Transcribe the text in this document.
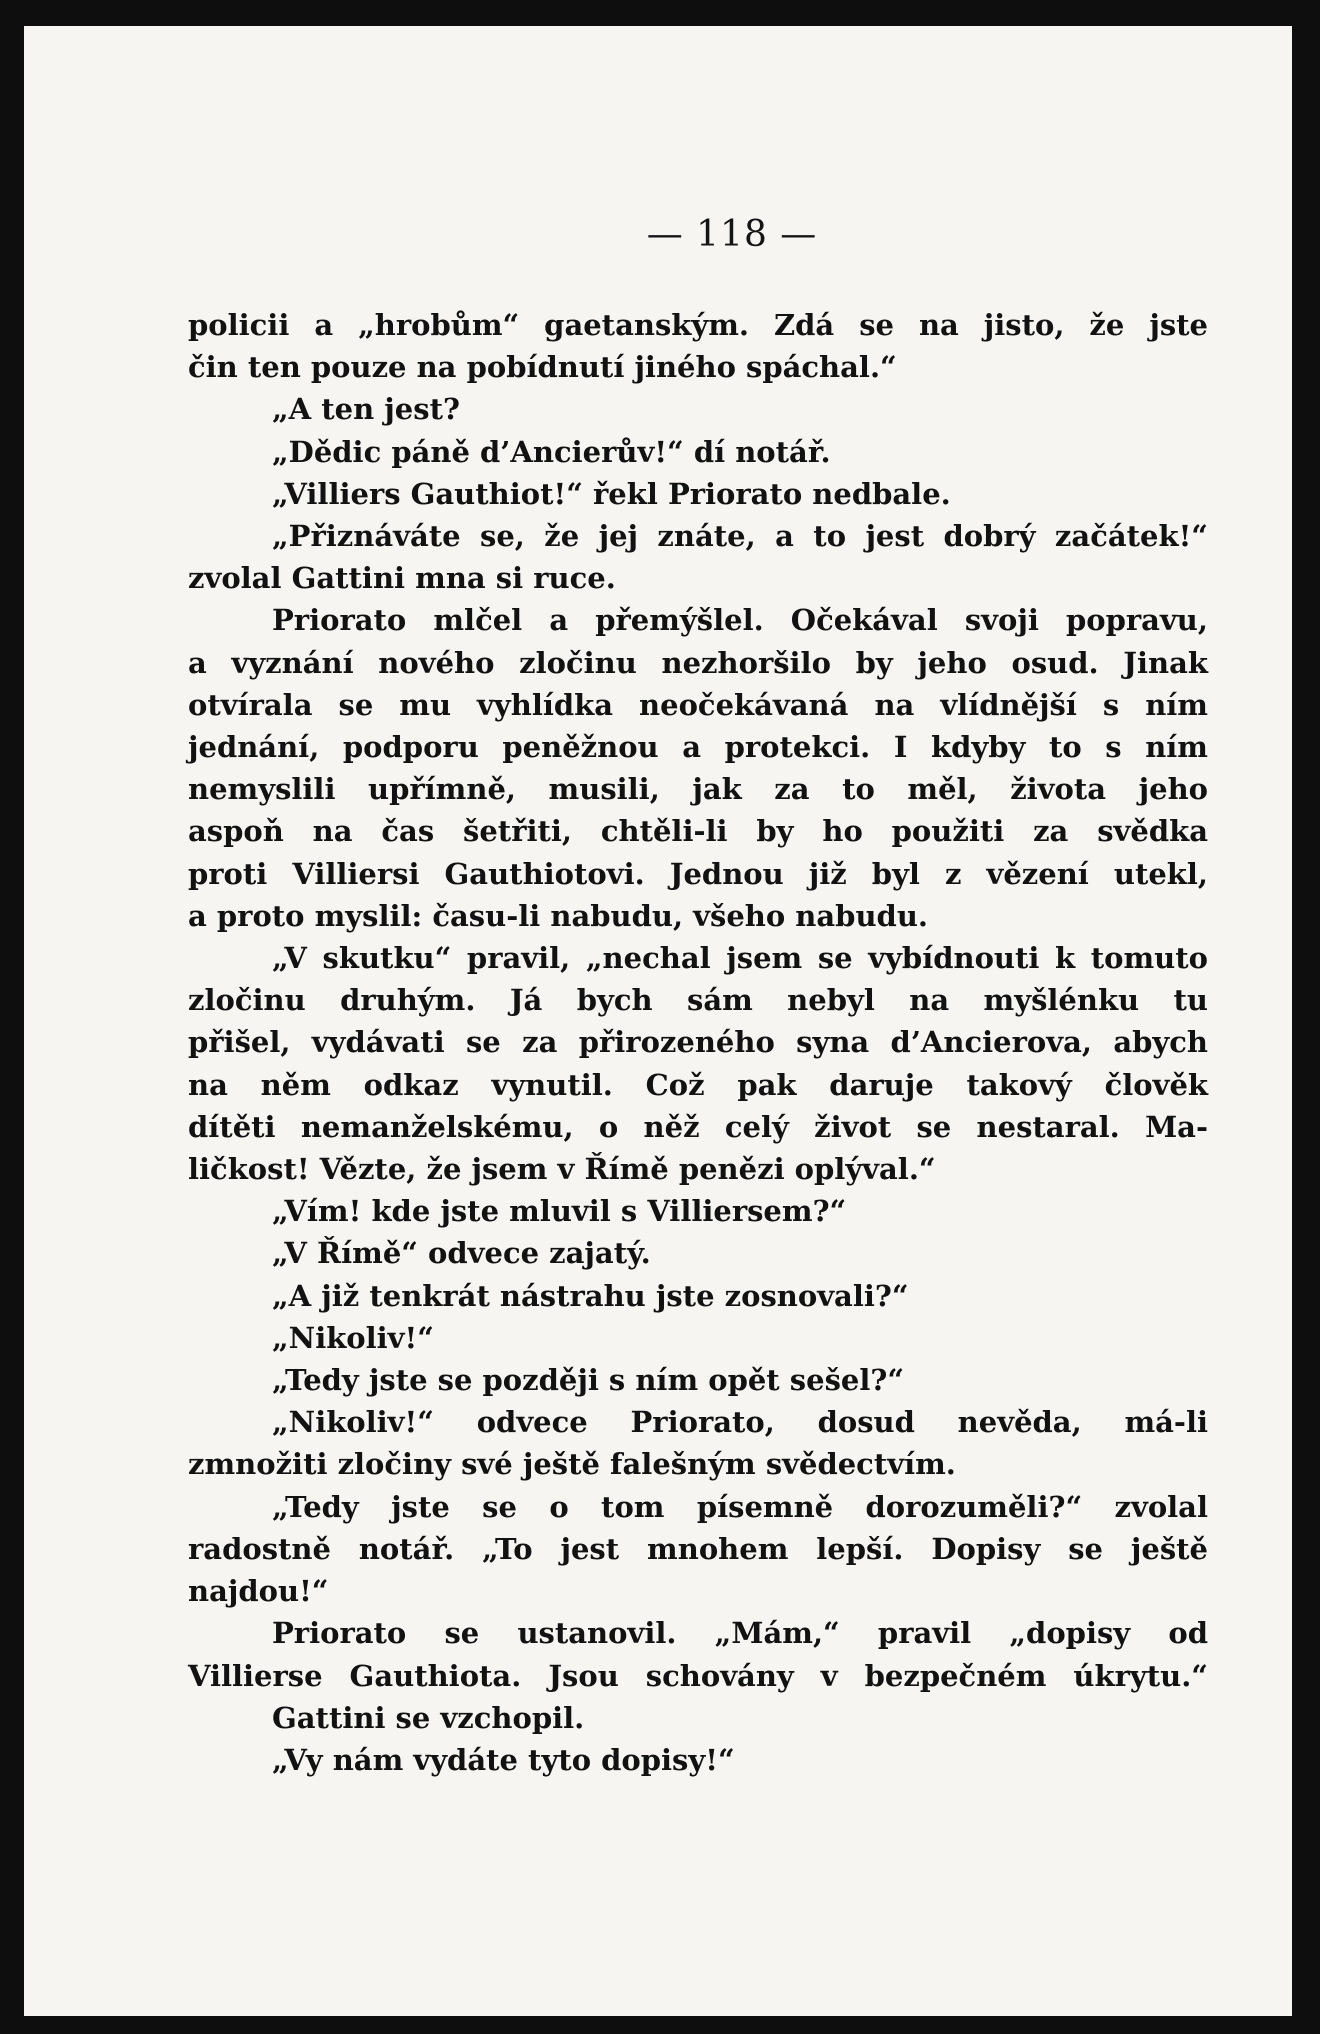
— 118 —
policii a „hrobům“ gaetanským. Zdá se na jisto, že jste
čin ten pouze na pobídnutí jiného spáchal.“
„A ten jest?
„Dědic páně d’Ancierův!“ dí notář.
„Villiers Gauthiot!“ řekl Priorato nedbale.
„Přiznáváte se, že jej znáte, a to jest dobrý začátek!“
zvolal Gattini mna si ruce.
Priorato mlčel a přemýšlel. Očekával svoji popravu,
a vyznání nového zločinu nezhoršilo by jeho osud. Jinak
otvírala se mu vyhlídka neočekávaná na vlídnější s ním
jednání, podporu peněžnou a protekci. I kdyby to s ním
nemyslili upřímně, musili, jak za to měl, života jeho
aspoň na čas šetřiti, chtěli-li by ho použiti za svědka
proti Villiersi Gauthiotovi. Jednou již byl z vězení utekl,
a proto myslil: času-li nabudu, všeho nabudu.
„V skutku“ pravil, „nechal jsem se vybídnouti k tomuto
zločinu druhým. Já bych sám nebyl na myšlénku tu
přišel, vydávati se za přirozeného syna d’Ancierova, abych
na něm odkaz vynutil. Což pak daruje takový člověk
dítěti nemanželskému, o něž celý život se nestaral. Ma-
ličkost! Vězte, že jsem v Římě penězi oplýval.“
„Vím! kde jste mluvil s Villiersem?“
„V Římě“ odvece zajatý.
„A již tenkrát nástrahu jste zosnovali?“
„Nikoliv!“
„Tedy jste se později s ním opět sešel?“
„Nikoliv!“ odvece Priorato, dosud nevěda, má-li
zmnožiti zločiny své ještě falešným svědectvím.
„Tedy jste se o tom písemně dorozuměli?“ zvolal
radostně notář. „To jest mnohem lepší. Dopisy se ještě
najdou!“
Priorato se ustanovil. „Mám,“ pravil „dopisy od
Villierse Gauthiota. Jsou schovány v bezpečném úkrytu.“
Gattini se vzchopil.
„Vy nám vydáte tyto dopisy!“
